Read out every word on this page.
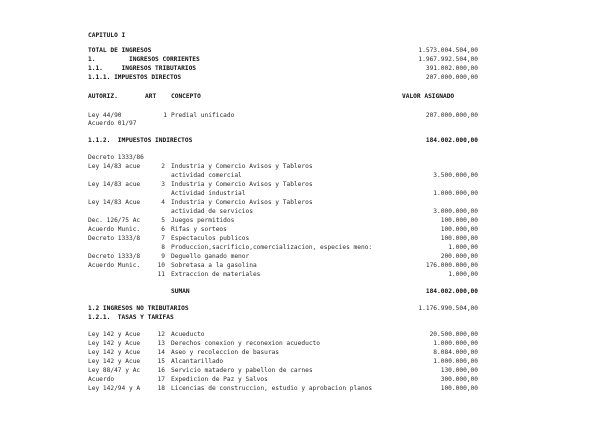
CAPITULO I
TOTAL DE INGRESOS	1.573.004.504,00
1.         INGRESOS CORRIENTES	1.967.992.504,00
1.1.     INGRESOS TRIBUTARIOS	391.002.000,00
1.1.1. IMPUESTOS DIRECTOS	207.000.000,00
AUTORIZ.	ART CONCEPTO	VALOR ASIGNADO
Ley 44/90	1 Predial unificado	207.000.000,00
Acuerdo 01/97
1.1.2.  IMPUESTOS INDIRECTOS	184.002.000,00
Decreto 1333/86
Ley 14/83 acue	2 Industria y Comercio Avisos y Tableros
actividad comercial	3.500.000,00
Ley 14/83 acue	3 Industria y Comercio Avisos y Tableros
Actividad industrial	1.000.000,00
Ley 14/83 Acue	4 Industria y Comercio Avisos y Tableros
actividad de servicios	3.000.000,00
Dec. 126/75 Ac	5 Juegos permitidos	100.000,00
Acuerdo Munic.	6 Rifas y sorteos	100.000,00
Decreto 1333/8	7 Espectaculos publicos	100.000,00
8 Produccion,sacrificio,comercializacion, especies meno:	1.000,00
Decreto 1333/8	9 Deguello ganado menor	200.000,00
Acuerdo Munic.	10 Sobretasa a la gasolina	176.000.000,00
11 Extraccion de materiales	1.000,00
SUMAN	184.002.000,00
1.2 INGRESOS NO TRIBUTARIOS	1.176.990.504,00
1.2.1.  TASAS Y TARIFAS
Ley 142 y Acue	12 Acueducto	20.500.000,00
Ley 142 y Acue	13 Derechos conexion y reconexion acueducto	1.000.000,00
Ley 142 y Acue	14 Aseo y recoleccion de basuras	8.084.000,00
Ley 142 y Acue	15 Alcantarillado	1.000.000,00
Ley 88/47 y Ac	16 Servicio matadero y pabellon de carnes	130.000,00
Acuerdo	17 Expedicion de Paz y Salvos	300.000,00
Ley 142/94 y A	18 Licencias de construccion, estudio y aprobacion planos	100.000,00
